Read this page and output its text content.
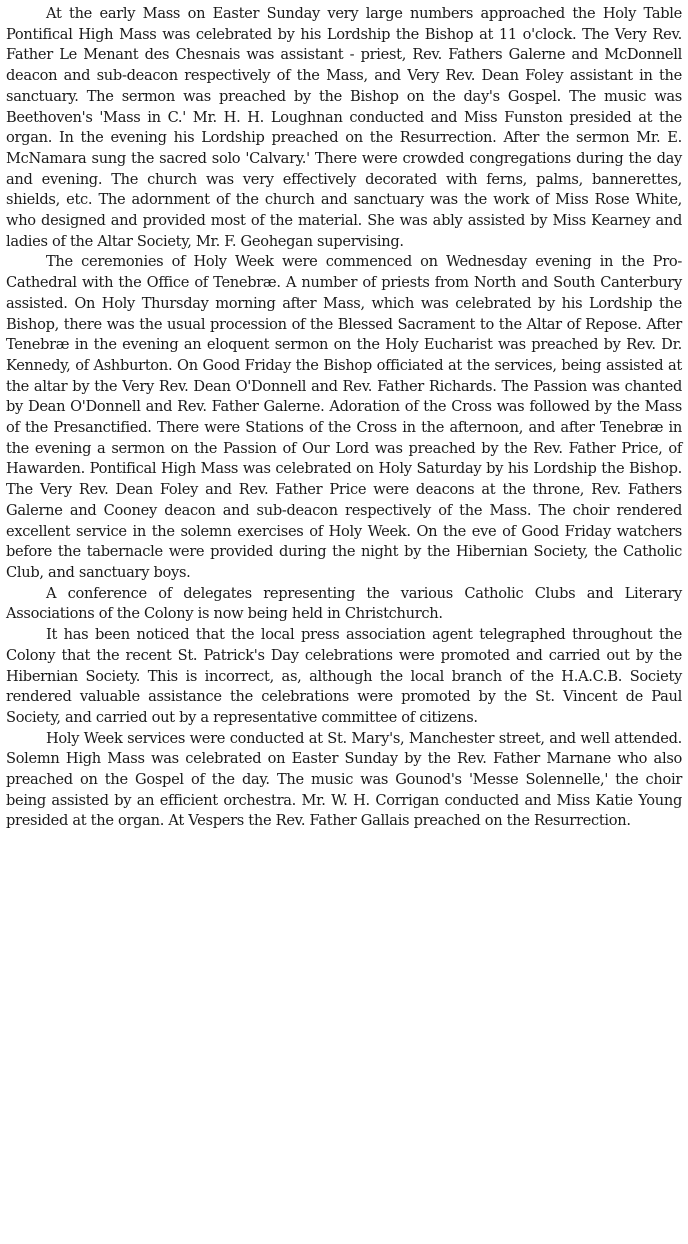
At the early Mass on Easter Sunday very large numbers approached the Holy Table Pontifical High Mass was celebrated by his Lordship the Bishop at 11 o'clock. The Very Rev. Father Le Menant des Chesnais was assistant - priest, Rev. Fathers Galerne and McDonnell deacon and sub-deacon respectively of the Mass, and Very Rev. Dean Foley assistant in the sanctuary. The sermon was preached by the Bishop on the day's Gospel. The music was Beethoven's 'Mass in C.' Mr. H. H. Loughnan conducted and Miss Funston presided at the organ. In the evening his Lordship preached on the Resurrection. After the sermon Mr. E. McNamara sung the sacred solo 'Calvary.' There were crowded congregations during the day and evening. The church was very effectively decorated with ferns, palms, bannerettes, shields, etc. The adornment of the church and sanctuary was the work of Miss Rose White, who designed and provided most of the material. She was ably assisted by Miss Kearney and ladies of the Altar Society, Mr. F. Geohegan supervising.

The ceremonies of Holy Week were commenced on Wednesday evening in the Pro-Cathedral with the Office of Tenebræ. A number of priests from North and South Canterbury assisted. On Holy Thursday morning after Mass, which was celebrated by his Lordship the Bishop, there was the usual procession of the Blessed Sacrament to the Altar of Repose. After Tenebræ in the evening an eloquent sermon on the Holy Eucharist was preached by Rev. Dr. Kennedy, of Ashburton. On Good Friday the Bishop officiated at the services, being assisted at the altar by the Very Rev. Dean O'Donnell and Rev. Father Richards. The Passion was chanted by Dean O'Donnell and Rev. Father Galerne. Adoration of the Cross was followed by the Mass of the Presanctified. There were Stations of the Cross in the afternoon, and after Tenebræ in the evening a sermon on the Passion of Our Lord was preached by the Rev. Father Price, of Hawarden. Pontifical High Mass was celebrated on Holy Saturday by his Lordship the Bishop. The Very Rev. Dean Foley and Rev. Father Price were deacons at the throne, Rev. Fathers Galerne and Cooney deacon and sub-deacon respectively of the Mass. The choir rendered excellent service in the solemn exercises of Holy Week. On the eve of Good Friday watchers before the tabernacle were provided during the night by the Hibernian Society, the Catholic Club, and sanctuary boys.

A conference of delegates representing the various Catholic Clubs and Literary Associations of the Colony is now being held in Christchurch.

It has been noticed that the local press association agent telegraphed throughout the Colony that the recent St. Patrick's Day celebrations were promoted and carried out by the Hibernian Society. This is incorrect, as, although the local branch of the H.A.C.B. Society rendered valuable assistance the celebrations were promoted by the St. Vincent de Paul Society, and carried out by a representative committee of citizens.

Holy Week services were conducted at St. Mary's, Manchester street, and well attended. Solemn High Mass was celebrated on Easter Sunday by the Rev. Father Marnane who also preached on the Gospel of the day. The music was Gounod's 'Messe Solennelle,' the choir being assisted by an efficient orchestra. Mr. W. H. Corrigan conducted and Miss Katie Young presided at the organ. At Vespers the Rev. Father Gallais preached on the Resurrection.
